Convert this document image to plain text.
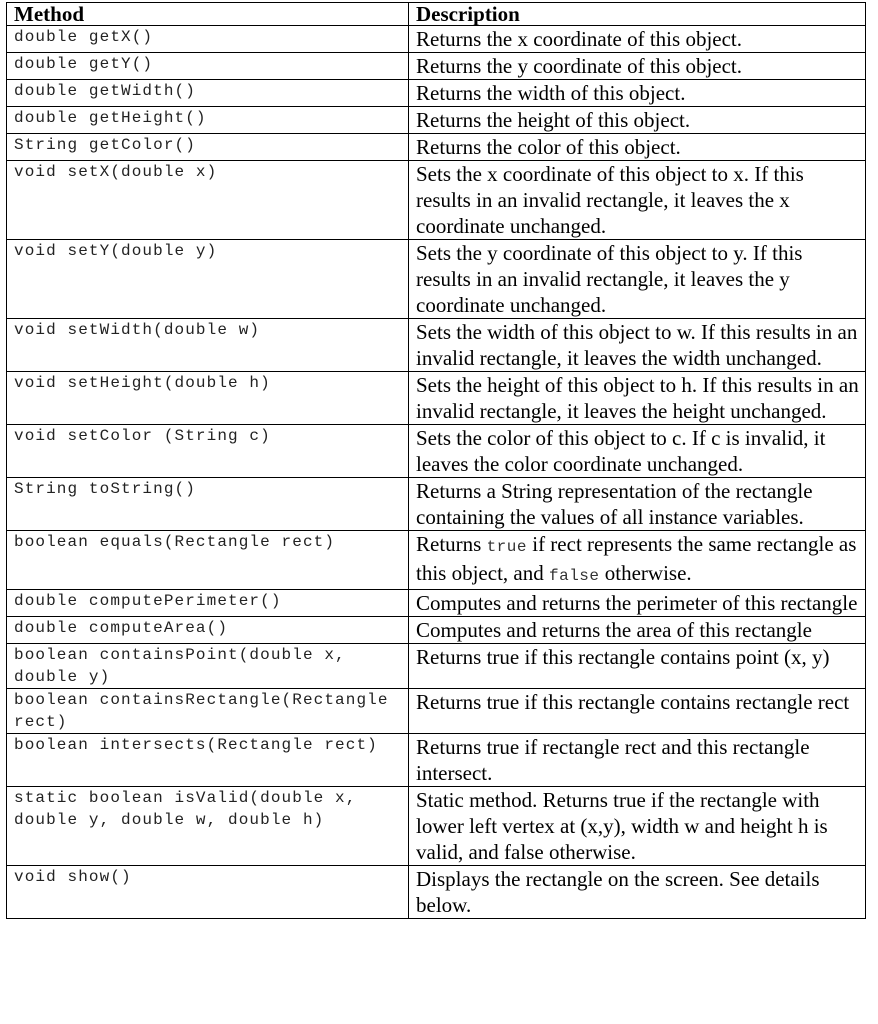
Method	Description
double getX()	Returns the x coordinate of this object.
double getY()	Returns the y coordinate of this object.
double getWidth()	Returns the width of this object.
double getHeight()	Returns the height of this object.
String getColor()	Returns the color of this object.
void setX(double x)	Sets the x coordinate of this object to x. If this results in an invalid rectangle, it leaves the x coordinate unchanged.
void setY(double y)	Sets the y coordinate of this object to y. If this results in an invalid rectangle, it leaves the y coordinate unchanged.
void setWidth(double w)	Sets the width of this object to w. If this results in an invalid rectangle, it leaves the width unchanged.
void setHeight(double h)	Sets the height of this object to h. If this results in an invalid rectangle, it leaves the height unchanged.
void setColor (String c)	Sets the color of this object to c. If c is invalid, it leaves the color coordinate unchanged.
String toString()	Returns a String representation of the rectangle containing the values of all instance variables.
boolean equals(Rectangle rect)	Returns true if rect represents the same rectangle as this object, and false otherwise.
double computePerimeter()	Computes and returns the perimeter of this rectangle
double computeArea()	Computes and returns the area of this rectangle
boolean containsPoint(double x, double y)	Returns true if this rectangle contains point (x, y)
boolean containsRectangle(Rectangle rect)	Returns true if this rectangle contains rectangle rect
boolean intersects(Rectangle rect)	Returns true if rectangle rect and this rectangle intersect.
static boolean isValid(double x, double y, double w, double h)	Static method. Returns true if the rectangle with lower left vertex at (x,y), width w and height h is valid, and false otherwise.
void show()	Displays the rectangle on the screen. See details below.
